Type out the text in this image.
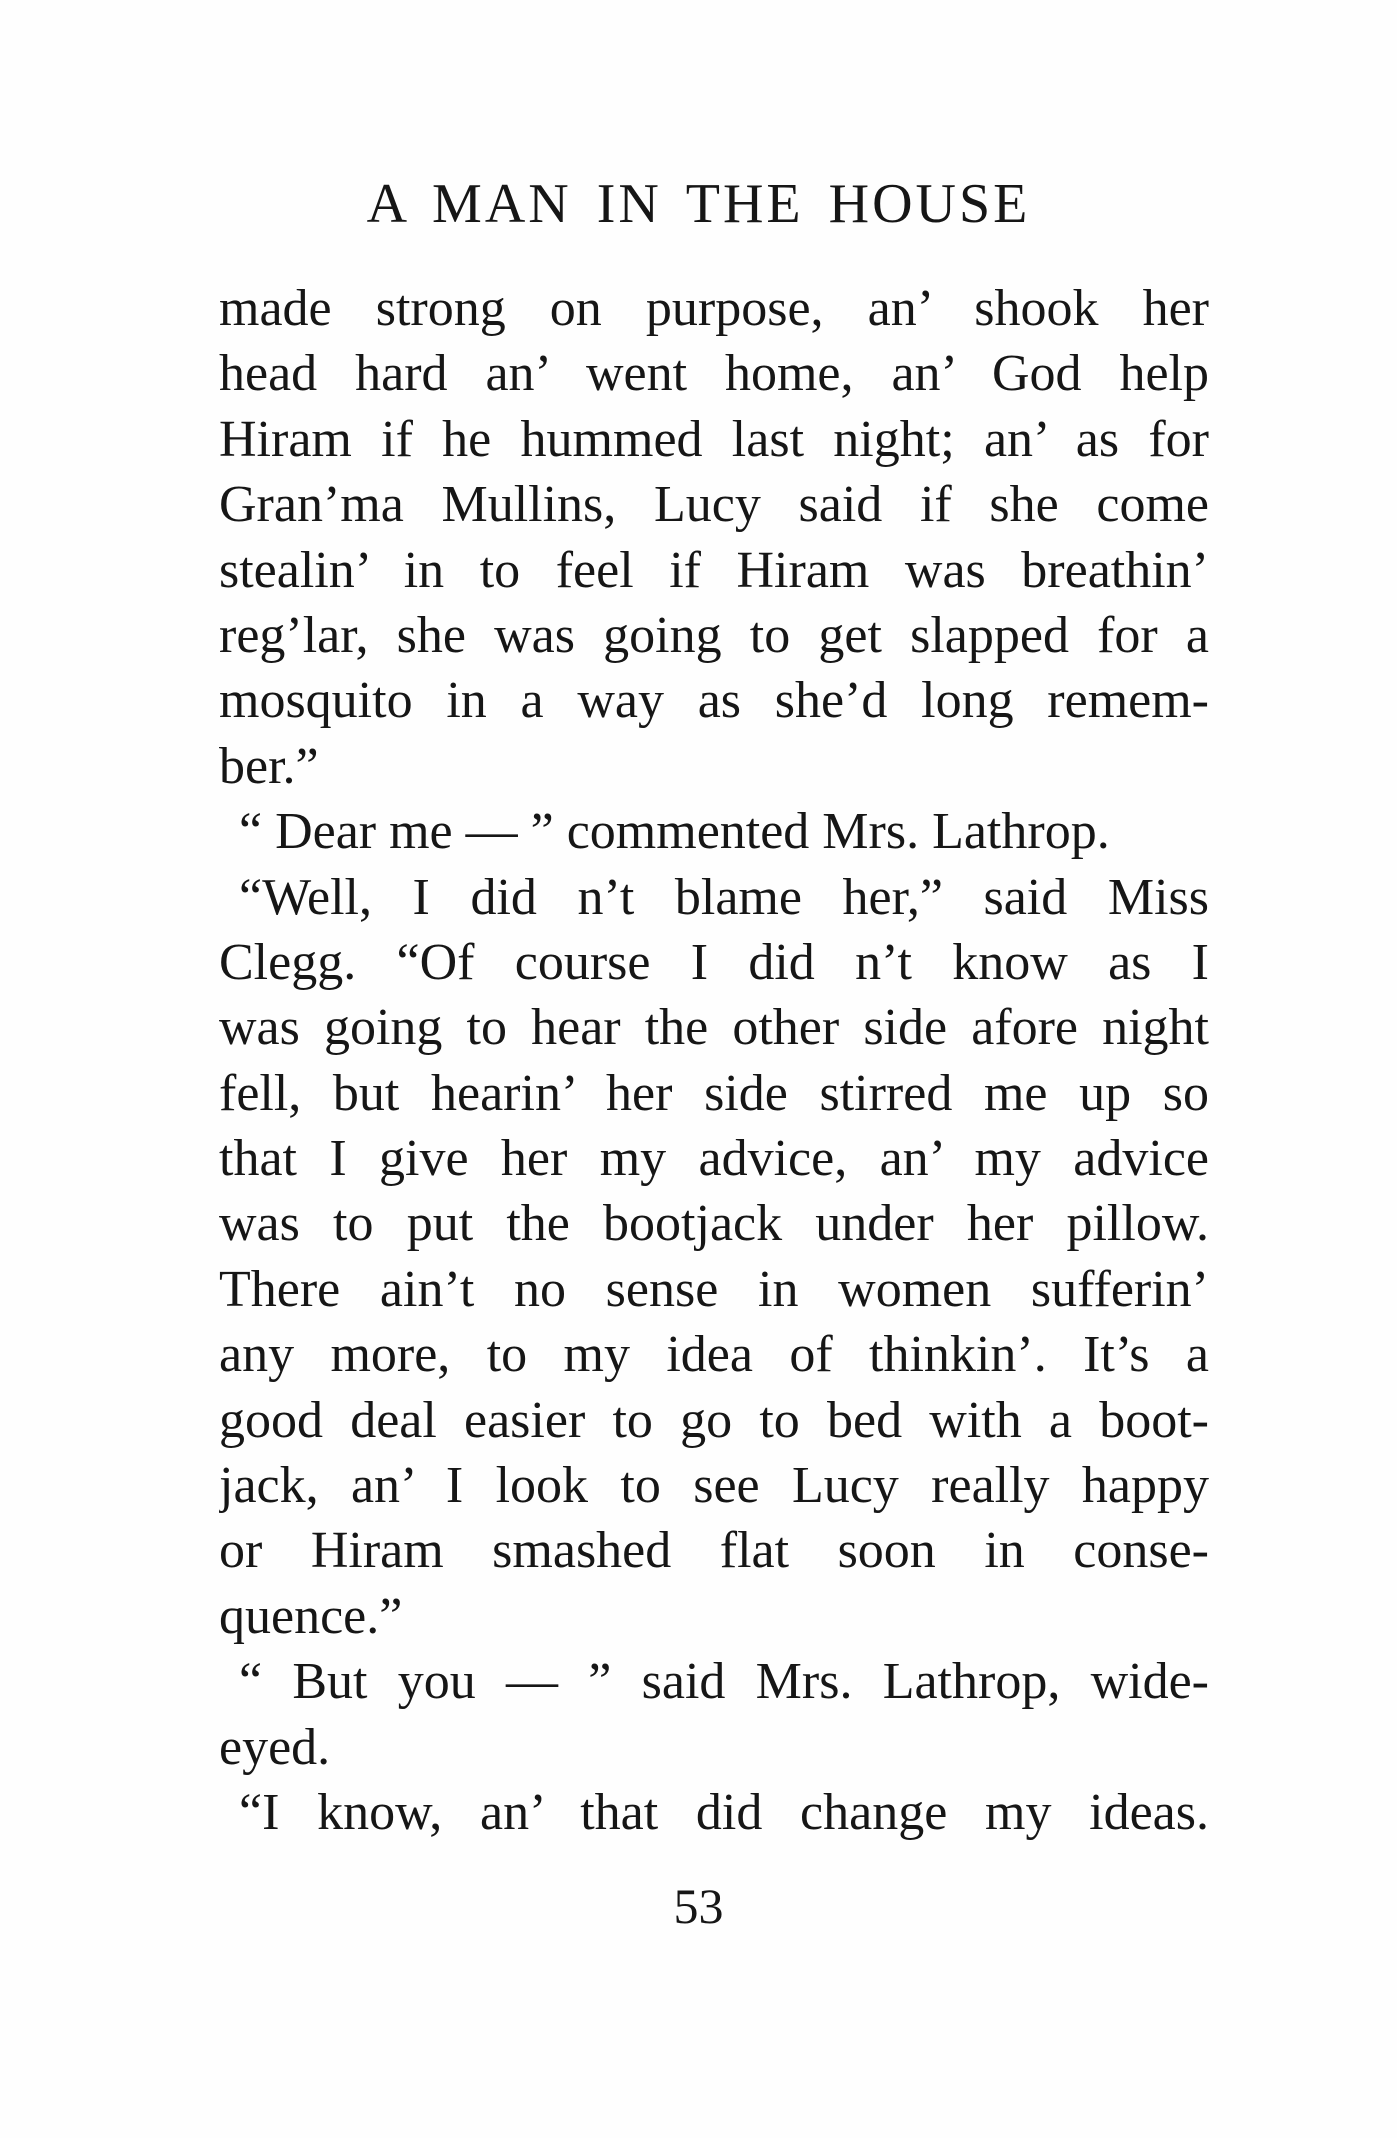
A MAN IN THE HOUSE
made strong on purpose, an’ shook her
head hard an’ went home, an’ God help
Hiram if he hummed last night; an’ as for
Gran’ma Mullins, Lucy said if she come
stealin’ in to feel if Hiram was breathin’
reg’lar, she was going to get slapped for a
mosquito in a way as she’d long remem-
ber.”
“ Dear me — ” commented Mrs. Lathrop.
“Well, I did n’t blame her,” said Miss
Clegg. “Of course I did n’t know as I
was going to hear the other side afore night
fell, but hearin’ her side stirred me up so
that I give her my advice, an’ my advice
was to put the bootjack under her pillow.
There ain’t no sense in women sufferin’
any more, to my idea of thinkin’. It’s a
good deal easier to go to bed with a boot-
jack, an’ I look to see Lucy really happy
or Hiram smashed flat soon in conse-
quence.”
“ But you — ” said Mrs. Lathrop, wide-
eyed.
“I know, an’ that did change my ideas.
53
